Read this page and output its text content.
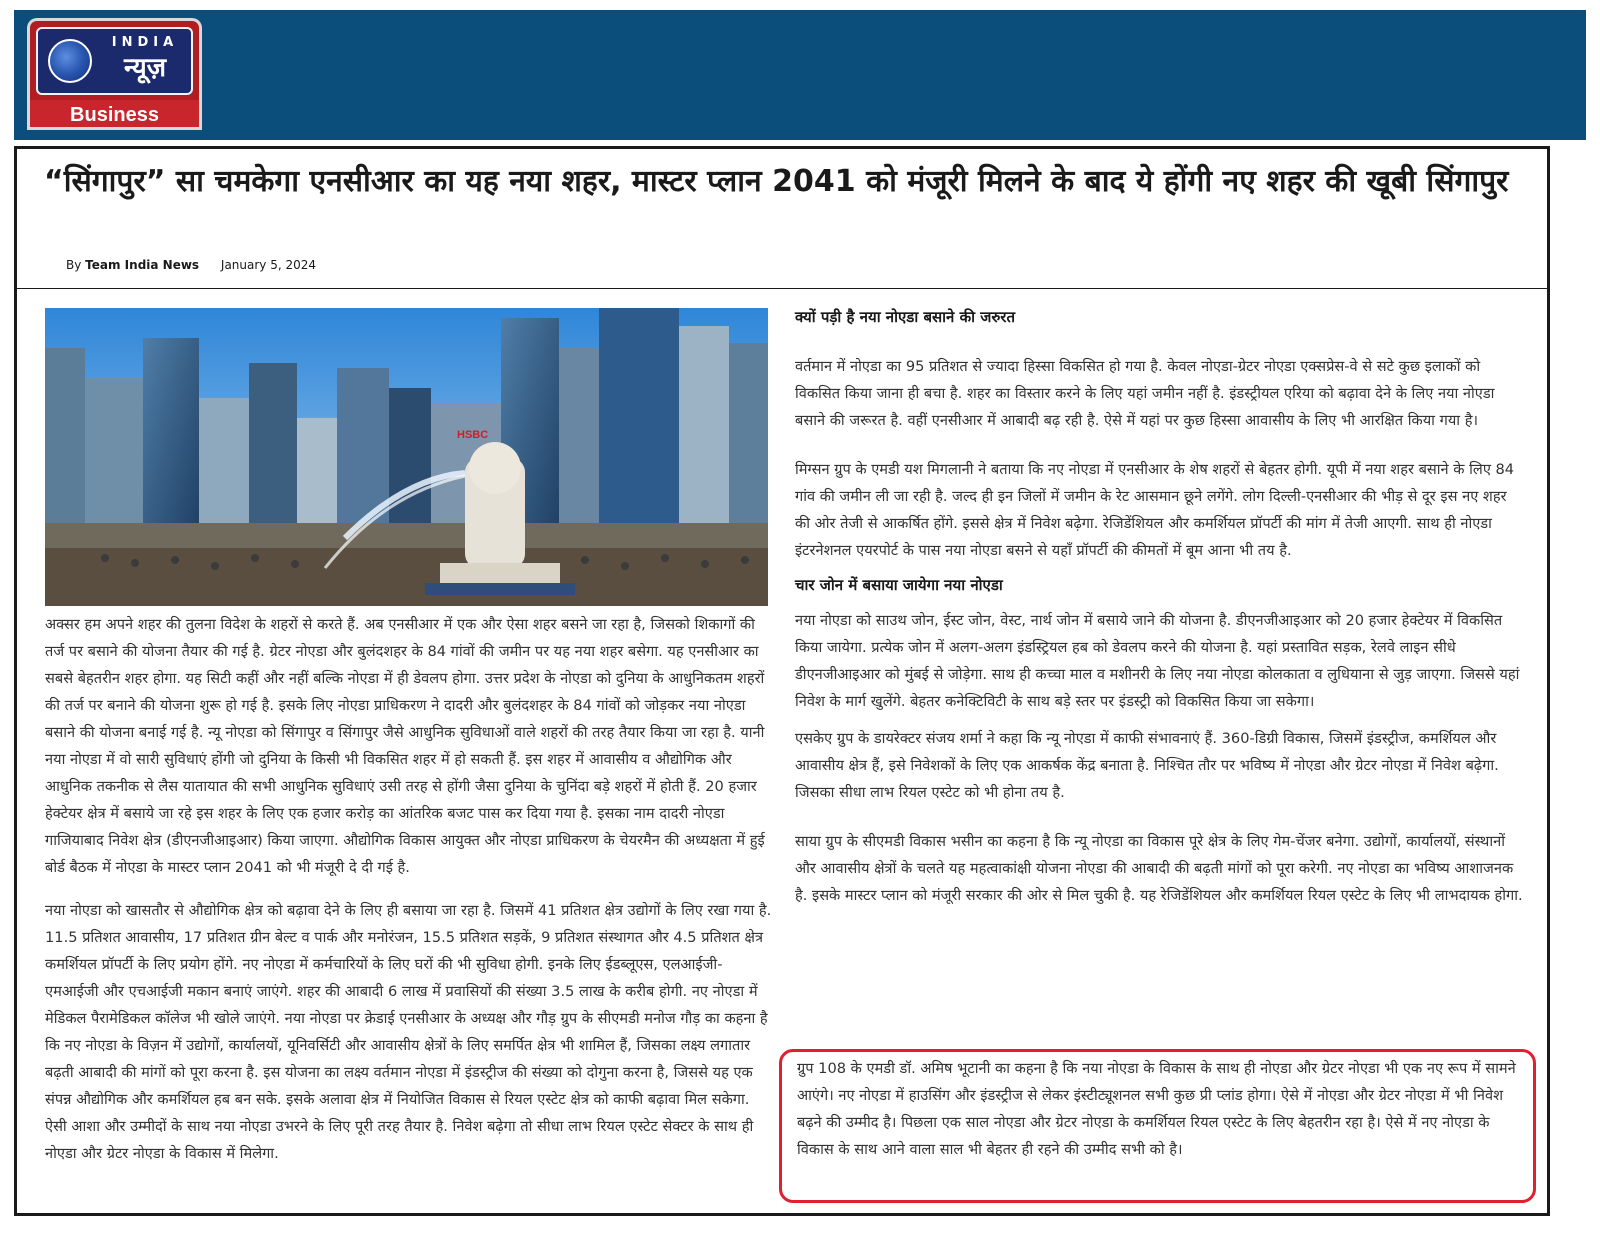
INDIA
न्यूज़
Business
“सिंगापुर” सा चमकेगा एनसीआर का यह नया शहर, मास्टर प्लान 2041 को मंजूरी मिलने के बाद ये होंगी नए शहर की खूबी सिंगापुर
By Team India News January 5, 2024
HSBC

अक्सर हम अपने शहर की तुलना विदेश के शहरों से करते हैं. अब एनसीआर में एक और ऐसा शहर बसने जा रहा है, जिसको शिकागों की तर्ज पर बसाने की योजना तैयार की गई है. ग्रेटर नोएडा और बुलंदशहर के 84 गांवों की जमीन पर यह नया शहर बसेगा. यह एनसीआर का सबसे बेहतरीन शहर होगा. यह सिटी कहीं और नहीं बल्कि नोएडा में ही डेवलप होगा. उत्तर प्रदेश के नोएडा को दुनिया के आधुनिकतम शहरों की तर्ज पर बनाने की योजना शुरू हो गई है. इसके लिए नोएडा प्राधिकरण ने दादरी और बुलंदशहर के 84 गांवों को जोड़कर नया नोएडा बसाने की योजना बनाई गई है. न्यू नोएडा को सिंगापुर व सिंगापुर जैसे आधुनिक सुविधाओं वाले शहरों की तरह तैयार किया जा रहा है. यानी नया नोएडा में वो सारी सुविधाएं होंगी जो दुनिया के किसी भी विकसित शहर में हो सकती हैं. इस शहर में आवासीय व औद्योगिक और आधुनिक तकनीक से लैस यातायात की सभी आधुनिक सुविधाएं उसी तरह से होंगी जैसा दुनिया के चुनिंदा बड़े शहरों में होती हैं. 20 हजार हेक्टेयर क्षेत्र में बसाये जा रहे इस शहर के लिए एक हजार करोड़ का आंतरिक बजट पास कर दिया गया है. इसका नाम दादरी नोएडा गाजियाबाद निवेश क्षेत्र (डीएनजीआइआर) किया जाएगा. औद्योगिक विकास आयुक्त और नोएडा प्राधिकरण के चेयरमैन की अध्यक्षता में हुई बोर्ड बैठक में नोएडा के मास्टर प्लान 2041 को भी मंजूरी दे दी गई है.

नया नोएडा को खासतौर से औद्योगिक क्षेत्र को बढ़ावा देने के लिए ही बसाया जा रहा है. जिसमें 41 प्रतिशत क्षेत्र उद्योगों के लिए रखा गया है. 11.5 प्रतिशत आवासीय, 17 प्रतिशत ग्रीन बेल्ट व पार्क और मनोरंजन, 15.5 प्रतिशत सड़कें, 9 प्रतिशत संस्थागत और 4.5 प्रतिशत क्षेत्र कमर्शियल प्रॉपर्टी के लिए प्रयोग होंगे. नए नोएडा में कर्मचारियों के लिए घरों की भी सुविधा होगी. इनके लिए ईडब्लूएस, एलआईजी-एमआईजी और एचआईजी मकान बनाएं जाएंगे. शहर की आबादी 6 लाख में प्रवासियों की संख्या 3.5 लाख के करीब होगी. नए नोएडा में मेडिकल पैरामेडिकल कॉलेज भी खोले जाएंगे. नया नोएडा पर क्रेडाई एनसीआर के अध्यक्ष और गौड़ ग्रुप के सीएमडी मनोज गौड़ का कहना है कि नए नोएडा के विज़न में उद्योगों, कार्यालयों, यूनिवर्सिटी और आवासीय क्षेत्रों के लिए समर्पित क्षेत्र भी शामिल हैं, जिसका लक्ष्य लगातार बढ़ती आबादी की मांगों को पूरा करना है. इस योजना का लक्ष्य वर्तमान नोएडा में इंडस्ट्रीज की संख्या को दोगुना करना है, जिससे यह एक संपन्न औद्योगिक और कमर्शियल हब बन सके. इसके अलावा क्षेत्र में नियोजित विकास से रियल एस्टेट क्षेत्र को काफी बढ़ावा मिल सकेगा. ऐसी आशा और उम्मीदों के साथ नया नोएडा उभरने के लिए पूरी तरह तैयार है. निवेश बढ़ेगा तो सीधा लाभ रियल एस्टेट सेक्टर के साथ ही नोएडा और ग्रेटर नोएडा के विकास में मिलेगा.

क्यों पड़ी है नया नोएडा बसाने की जरुरत

वर्तमान में नोएडा का 95 प्रतिशत से ज्यादा हिस्सा विकसित हो गया है. केवल नोएडा-ग्रेटर नोएडा एक्सप्रेस-वे से सटे कुछ इलाकों को विकसित किया जाना ही बचा है. शहर का विस्तार करने के लिए यहां जमीन नहीं है. इंडस्ट्रीयल एरिया को बढ़ावा देने के लिए नया नोएडा बसाने की जरूरत है. वहीं एनसीआर में आबादी बढ़ रही है. ऐसे में यहां पर कुछ हिस्सा आवासीय के लिए भी आरक्षित किया गया है।

मिग्सन ग्रुप के एमडी यश मिगलानी ने बताया कि नए नोएडा में एनसीआर के शेष शहरों से बेहतर होगी. यूपी में नया शहर बसाने के लिए 84 गांव की जमीन ली जा रही है. जल्द ही इन जिलों में जमीन के रेट आसमान छूने लगेंगे. लोग दिल्ली-एनसीआर की भीड़ से दूर इस नए शहर की ओर तेजी से आकर्षित होंगे. इससे क्षेत्र में निवेश बढ़ेगा. रेजिडेंशियल और कमर्शियल प्रॉपर्टी की मांग में तेजी आएगी. साथ ही नोएडा इंटरनेशनल एयरपोर्ट के पास नया नोएडा बसने से यहाँ प्रॉपर्टी की कीमतों में बूम आना भी तय है.

चार जोन में बसाया जायेगा नया नोएडा

नया नोएडा को साउथ जोन, ईस्ट जोन, वेस्ट, नार्थ जोन में बसाये जाने की योजना है. डीएनजीआइआर को 20 हजार हेक्टेयर में विकसित किया जायेगा. प्रत्येक जोन में अलग-अलग इंडस्ट्रियल हब को डेवलप करने की योजना है. यहां प्रस्तावित सड़क, रेलवे लाइन सीधे डीएनजीआइआर को मुंबई से जोड़ेगा. साथ ही कच्चा माल व मशीनरी के लिए नया नोएडा कोलकाता व लुधियाना से जुड़ जाएगा. जिससे यहां निवेश के मार्ग खुलेंगे. बेहतर कनेक्टिविटी के साथ बड़े स्तर पर इंडस्ट्री को विकसित किया जा सकेगा।

एसकेए ग्रुप के डायरेक्टर संजय शर्मा ने कहा कि न्यू नोएडा में काफी संभावनाएं हैं. 360-डिग्री विकास, जिसमें इंडस्ट्रीज, कमर्शियल और आवासीय क्षेत्र हैं, इसे निवेशकों के लिए एक आकर्षक केंद्र बनाता है. निश्चित तौर पर भविष्य में नोएडा और ग्रेटर नोएडा में निवेश बढ़ेगा. जिसका सीधा लाभ रियल एस्टेट को भी होना तय है.

साया ग्रुप के सीएमडी विकास भसीन का कहना है कि न्यू नोएडा का विकास पूरे क्षेत्र के लिए गेम-चेंजर बनेगा. उद्योगों, कार्यालयों, संस्थानों और आवासीय क्षेत्रों के चलते यह महत्वाकांक्षी योजना नोएडा की आबादी की बढ़ती मांगों को पूरा करेगी. नए नोएडा का भविष्य आशाजनक है. इसके मास्टर प्लान को मंजूरी सरकार की ओर से मिल चुकी है. यह रेजिडेंशियल और कमर्शियल रियल एस्टेट के लिए भी लाभदायक होगा.

ग्रुप 108 के एमडी डॉ. अमिष भूटानी का कहना है कि नया नोएडा के विकास के साथ ही नोएडा और ग्रेटर नोएडा भी एक नए रूप में सामने आएंगे। नए नोएडा में हाउसिंग और इंडस्ट्रीज से लेकर इंस्टीट्यूशनल सभी कुछ प्री प्लांड होगा। ऐसे में नोएडा और ग्रेटर नोएडा में भी निवेश बढ़ने की उम्मीद है। पिछला एक साल नोएडा और ग्रेटर नोएडा के कमर्शियल रियल एस्टेट के लिए बेहतरीन रहा है। ऐसे में नए नोएडा के विकास के साथ आने वाला साल भी बेहतर ही रहने की उम्मीद सभी को है।
